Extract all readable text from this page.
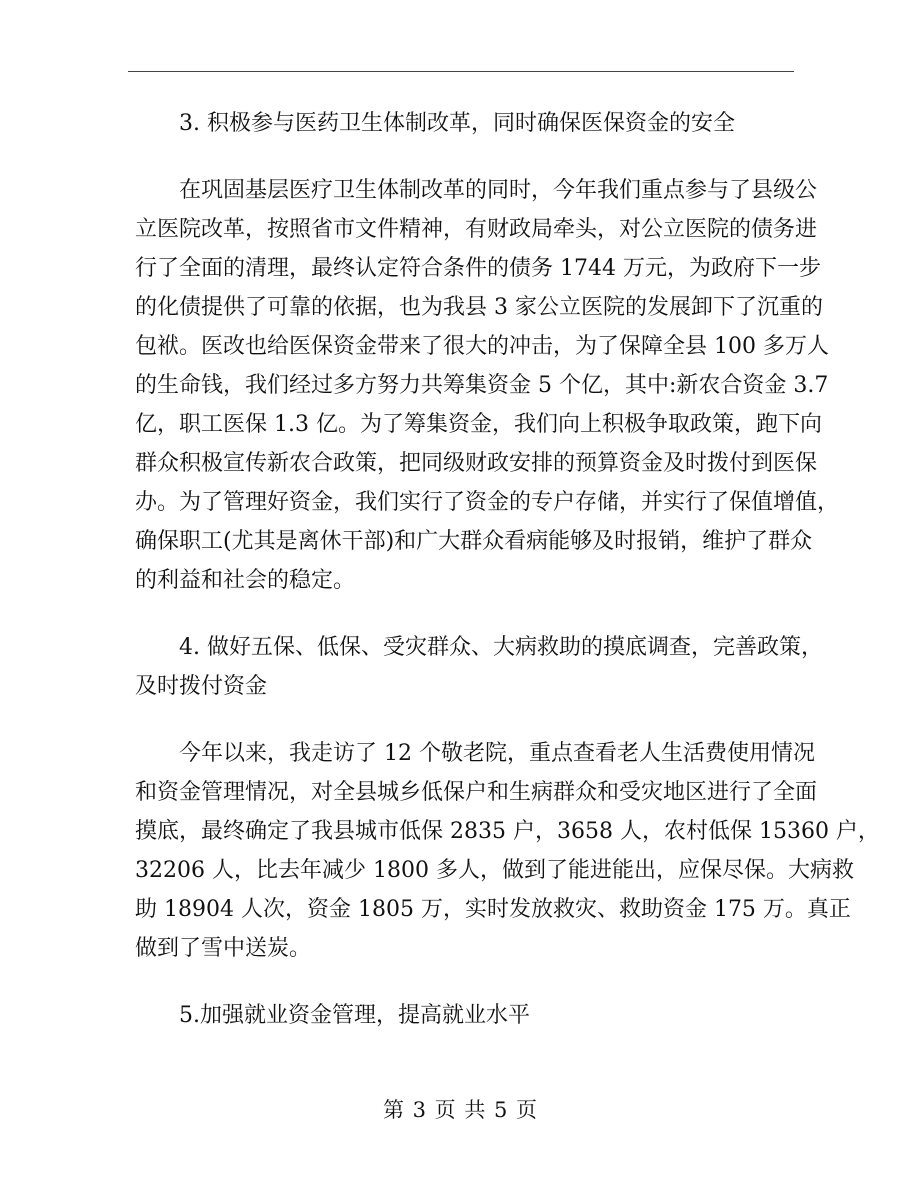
3. 积极参与医药卫生体制改革，同时确保医保资金的安全

在巩固基层医疗卫生体制改革的同时，今年我们重点参与了县级公
立医院改革，按照省市文件精神，有财政局牵头，对公立医院的债务进
行了全面的清理，最终认定符合条件的债务 1744 万元，为政府下一步
的化债提供了可靠的依据，也为我县 3 家公立医院的发展卸下了沉重的
包袱。医改也给医保资金带来了很大的冲击，为了保障全县 100 多万人
的生命钱，我们经过多方努力共筹集资金 5 个亿，其中:新农合资金 3.7
亿，职工医保 1.3 亿。为了筹集资金，我们向上积极争取政策，跑下向
群众积极宣传新农合政策，把同级财政安排的预算资金及时拨付到医保
办。为了管理好资金，我们实行了资金的专户存储，并实行了保值增值，
确保职工(尤其是离休干部)和广大群众看病能够及时报销，维护了群众
的利益和社会的稳定。
4. 做好五保、低保、受灾群众、大病救助的摸底调查，完善政策，
及时拨付资金
今年以来，我走访了 12 个敬老院，重点查看老人生活费使用情况
和资金管理情况，对全县城乡低保户和生病群众和受灾地区进行了全面
摸底，最终确定了我县城市低保 2835 户，3658 人，农村低保 15360 户，
32206 人，比去年减少 1800 多人，做到了能进能出，应保尽保。大病救
助 18904 人次，资金 1805 万，实时发放救灾、救助资金 175 万。真正
做到了雪中送炭。

5.加强就业资金管理，提高就业水平

第 3 页 共 5 页
